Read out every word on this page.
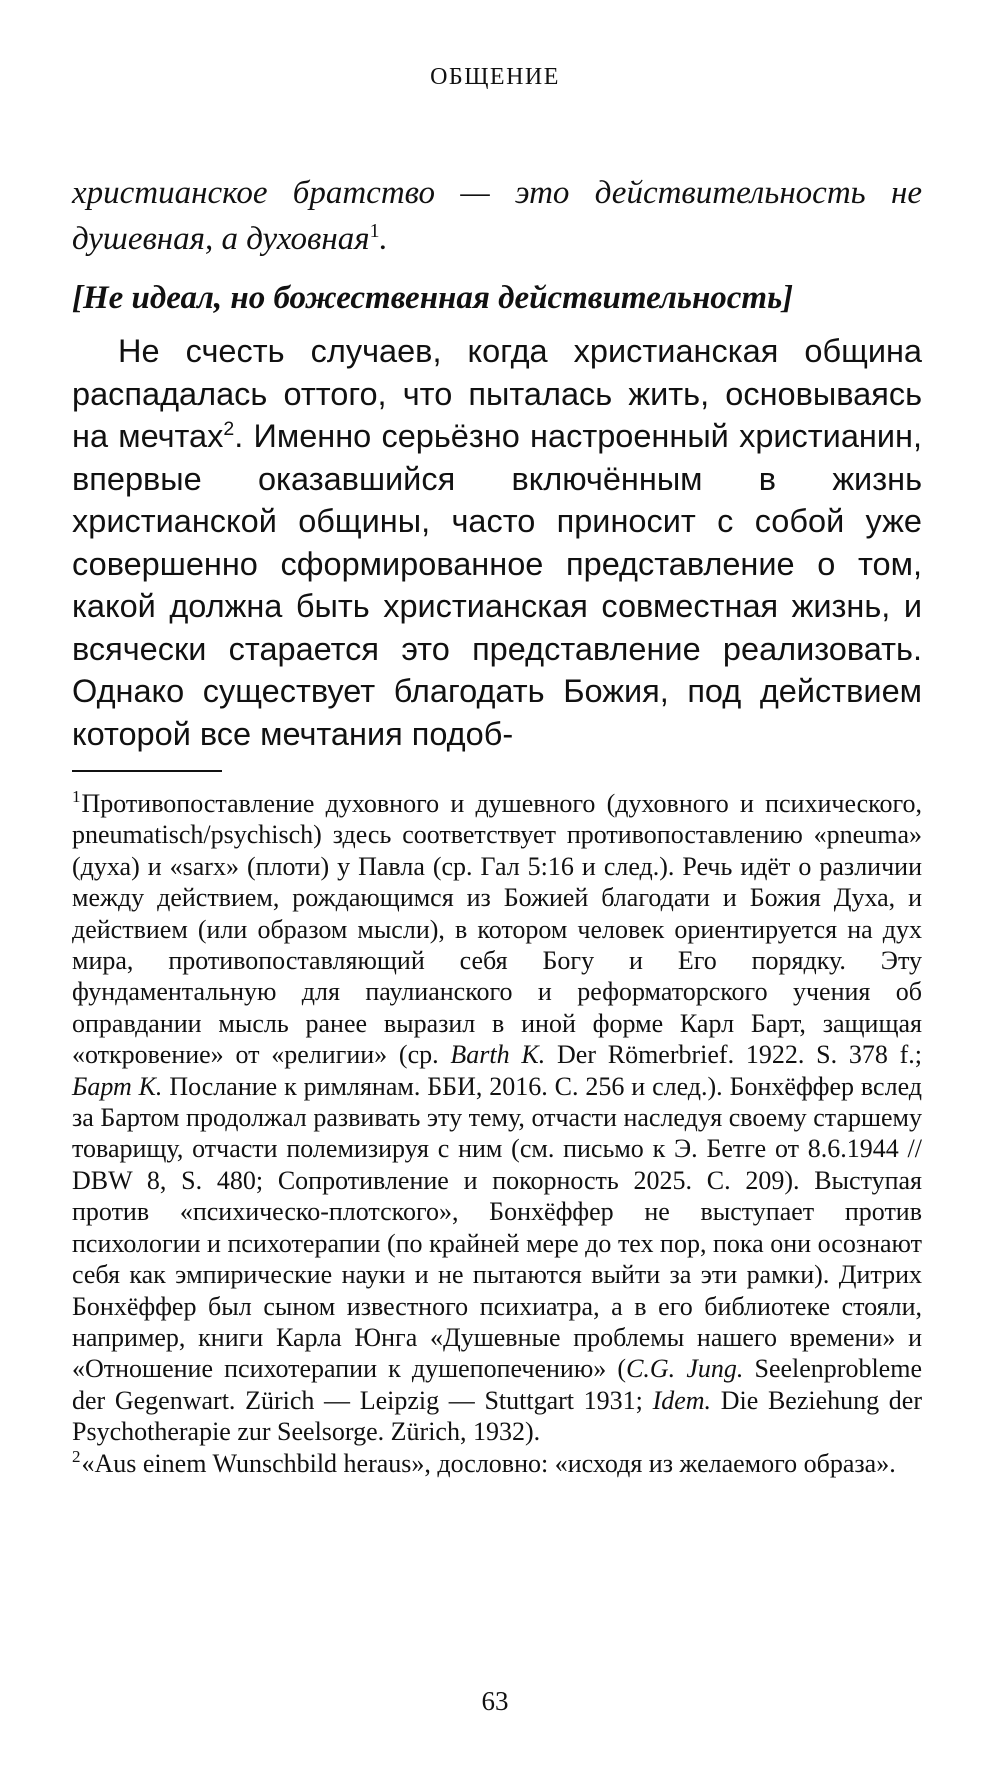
ОБЩЕНИЕ

христианское братство — это действительность не душевная, а духовная$^1$.

[Не идеал, но божественная действительность]

Не счесть случаев, когда христианская община распадалась оттого, что пыталась жить, основываясь на мечтах$^2$. Именно серьёзно настроенный христианин, впервые оказавшийся включённым в жизнь христианской общины, часто приносит с собой уже совершенно сформированное представление о том, какой должна быть христианская совместная жизнь, и всячески старается это представление реализовать. Однако существует благодать Божия, под действием которой все мечтания подоб-

$^1$Противопоставление духовного и душевного (духовного и психического, pneumatisch/psychisch) здесь соответствует противопоставлению «pneuma» (духа) и «sarx» (плоти) у Павла (ср. Гал 5:16 и след.). Речь идёт о различии между действием, рождающимся из Божией благодати и Божия Духа, и действием (или образом мысли), в котором человек ориентируется на дух мира, противопоставляющий себя Богу и Его порядку. Эту фундаментальную для паулианского и реформаторского учения об оправдании мысль ранее выразил в иной форме Карл Барт, защищая «откровение» от «религии» (ср. Barth K. Der Römerbrief. 1922. S. 378 f.; Барт К. Послание к римлянам. ББИ, 2016. С. 256 и след.). Бонхёффер вслед за Бартом продолжал развивать эту тему, отчасти наследуя своему старшему товарищу, отчасти полемизируя с ним (см. письмо к Э. Бетге от 8.6.1944 // DBW 8, S. 480; Сопротивление и покорность 2025. С. 209). Выступая против «психическо-плотского», Бонхёффер не выступает против психологии и психотерапии (по крайней мере до тех пор, пока они осознают себя как эмпирические науки и не пытаются выйти за эти рамки). Дитрих Бонхёффер был сыном известного психиатра, а в его библиотеке стояли, например, книги Карла Юнга «Душевные проблемы нашего времени» и «Отношение психотерапии к душепопечению» (C.G. Jung. Seelenprobleme der Gegenwart. Zürich — Leipzig — Stuttgart 1931; Idem. Die Beziehung der Psychotherapie zur Seelsorge. Zürich, 1932).

$^2$«Aus einem Wunschbild heraus», дословно: «исходя из желаемого образа».

63
